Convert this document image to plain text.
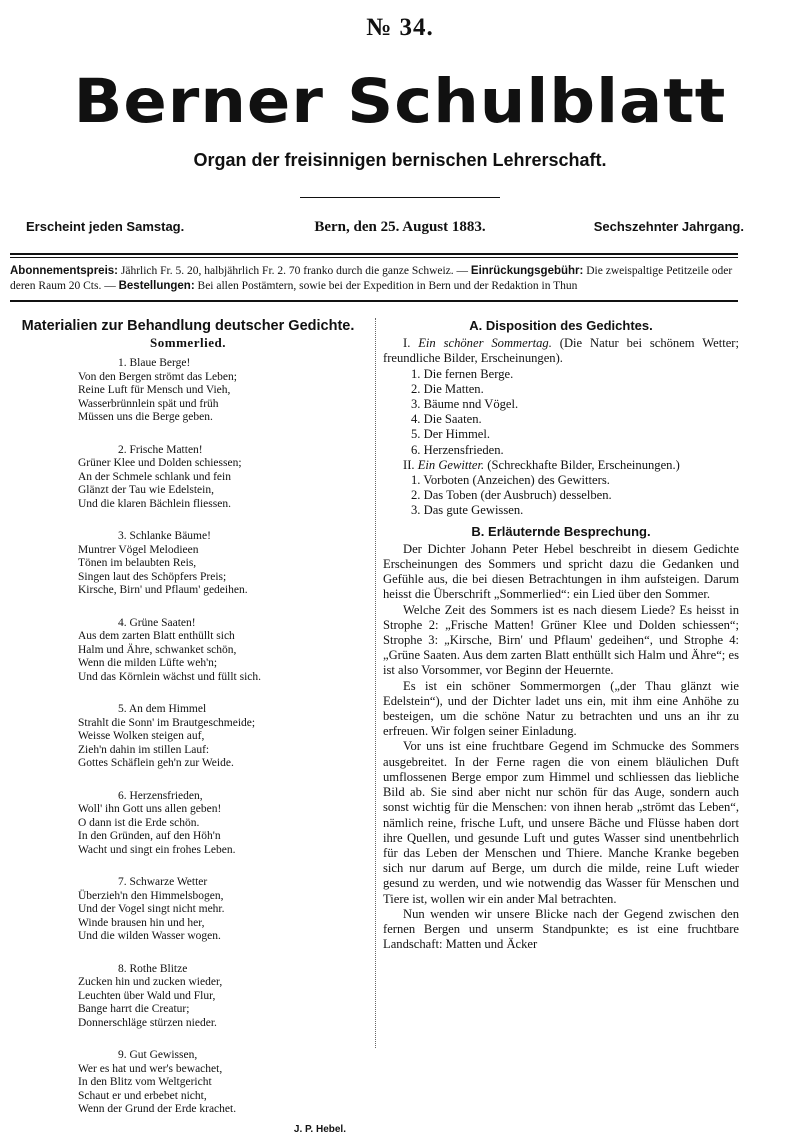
№ 34.
Berner Schulblatt
Organ der freisinnigen bernischen Lehrerschaft.
Erscheint jeden Samstag.	Bern, den 25. August 1883.	Sechszehnter Jahrgang.
Abonnementspreis: Jährlich Fr. 5. 20, halbjährlich Fr. 2. 70 franko durch die ganze Schweiz. — Einrückungsgebühr: Die zweispaltige Petitzeile oder deren Raum 20 Cts. — Bestellungen: Bei allen Postämtern, sowie bei der Expedition in Bern und der Redaktion in Thun
Materialien zur Behandlung deutscher Gedichte.
Sommerlied.
1. Blaue Berge!
Von den Bergen strömt das Leben;
Reine Luft für Mensch und Vieh,
Wasserbrünnlein spät und früh
Müssen uns die Berge geben.
2. Frische Matten!
Grüner Klee und Dolden schiessen;
An der Schmele schlank und fein
Glänzt der Tau wie Edelstein,
Und die klaren Bächlein fliessen.
3. Schlanke Bäume!
Muntrer Vögel Melodieen
Tönen im belaubten Reis,
Singen laut des Schöpfers Preis;
Kirsche, Birn' und Pflaum' gedeihen.
4. Grüne Saaten!
Aus dem zarten Blatt enthüllt sich
Halm und Ähre, schwanket schön,
Wenn die milden Lüfte weh'n;
Und das Körnlein wächst und füllt sich.
5. An dem Himmel
Strahlt die Sonn' im Brautgeschmeide;
Weisse Wolken steigen auf,
Zieh'n dahin im stillen Lauf:
Gottes Schäflein geh'n zur Weide.
6. Herzensfrieden,
Woll' ihn Gott uns allen geben!
O dann ist die Erde schön.
In den Gründen, auf den Höh'n
Wacht und singt ein frohes Leben.
7. Schwarze Wetter
Überzieh'n den Himmelsbogen,
Und der Vogel singt nicht mehr.
Winde brausen hin und her,
Und die wilden Wasser wogen.
8. Rothe Blitze
Zucken hin und zucken wieder,
Leuchten über Wald und Flur,
Bange harrt die Creatur;
Donnerschläge stürzen nieder.
9. Gut Gewissen,
Wer es hat und wer's bewachet,
In den Blitz vom Weltgericht
Schaut er und erbebet nicht,
Wenn der Grund der Erde krachet.
J. P. Hebel.
A. Disposition des Gedichtes.

I. Ein schöner Sommertag. (Die Natur bei schönem Wetter; freundliche Bilder, Erscheinungen).

1. Die fernen Berge.

2. Die Matten.

3. Bäume nnd Vögel.

4. Die Saaten.

5. Der Himmel.

6. Herzensfrieden.

II. Ein Gewitter. (Schreckhafte Bilder, Erscheinungen.)

1. Vorboten (Anzeichen) des Gewitters.

2. Das Toben (der Ausbruch) desselben.

3. Das gute Gewissen.

B. Erläuternde Besprechung.

Der Dichter Johann Peter Hebel beschreibt in diesem Gedichte Erscheinungen des Sommers und spricht dazu die Gedanken und Gefühle aus, die bei diesen Betrachtungen in ihm aufsteigen. Darum heisst die Überschrift „Sommerlied“: ein Lied über den Sommer.

Welche Zeit des Sommers ist es nach diesem Liede? Es heisst in Strophe 2: „Frische Matten! Grüner Klee und Dolden schiessen“; Strophe 3: „Kirsche, Birn' und Pflaum' gedeihen“, und Strophe 4: „Grüne Saaten. Aus dem zarten Blatt enthüllt sich Halm und Ähre“; es ist also Vorsommer, vor Beginn der Heuernte.

Es ist ein schöner Sommermorgen („der Thau glänzt wie Edelstein“), und der Dichter ladet uns ein, mit ihm eine Anhöhe zu besteigen, um die schöne Natur zu betrachten und uns an ihr zu erfreuen. Wir folgen seiner Einladung.

Vor uns ist eine fruchtbare Gegend im Schmucke des Sommers ausgebreitet. In der Ferne ragen die von einem bläulichen Duft umflossenen Berge empor zum Himmel und schliessen das liebliche Bild ab. Sie sind aber nicht nur schön für das Auge, sondern auch sonst wichtig für die Menschen: von ihnen herab „strömt das Leben“, nämlich reine, frische Luft, und unsere Bäche und Flüsse haben dort ihre Quellen, und gesunde Luft und gutes Wasser sind unentbehrlich für das Leben der Menschen und Thiere. Manche Kranke begeben sich nur darum auf Berge, um durch die milde, reine Luft wieder gesund zu werden, und wie notwendig das Wasser für Menschen und Tiere ist, wollen wir ein ander Mal betrachten.

Nun wenden wir unsere Blicke nach der Gegend zwischen den fernen Bergen und unserm Standpunkte; es ist eine fruchtbare Landschaft: Matten und Äcker
